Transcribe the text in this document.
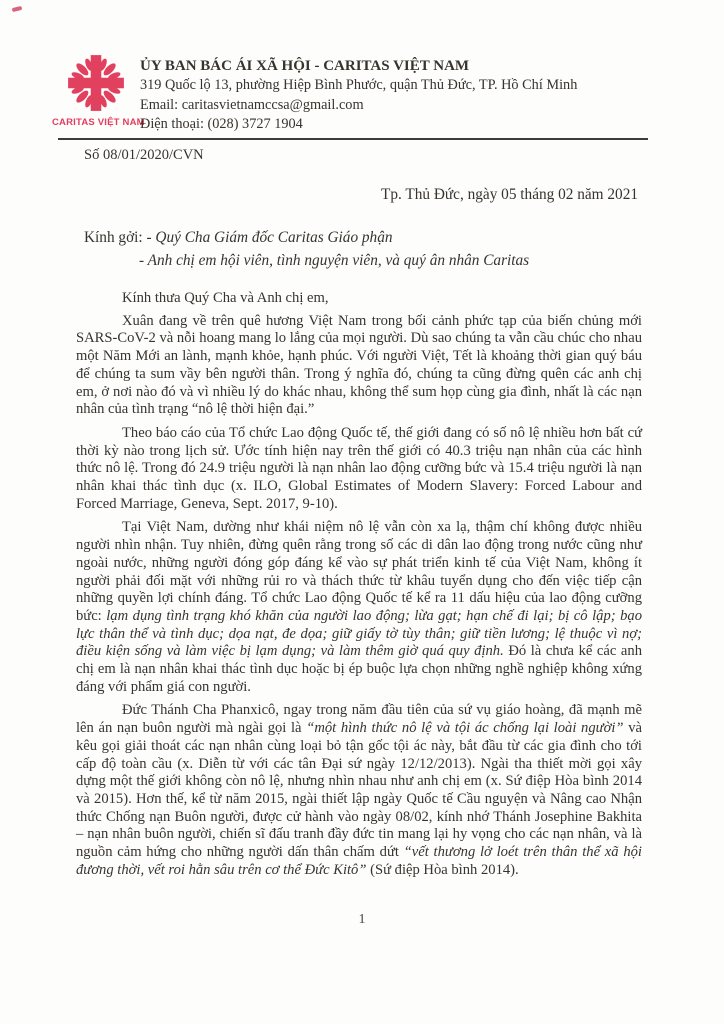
CARITAS VIỆT NAM
ỦY BAN BÁC ÁI XÃ HỘI - CARITAS VIỆT NAM
319 Quốc lộ 13, phường Hiệp Bình Phước, quận Thủ Đức, TP. Hồ Chí Minh
Email: caritasvietnamccsa@gmail.com
Điện thoại: (028) 3727 1904
Số 08/01/2020/CVN
Tp. Thủ Đức, ngày 05 tháng 02 năm 2021
Kính gởi: - Quý Cha Giám đốc Caritas Giáo phận
- Anh chị em hội viên, tình nguyện viên, và quý ân nhân Caritas

Kính thưa Quý Cha và Anh chị em,

Xuân đang về trên quê hương Việt Nam trong bối cảnh phức tạp của biến chủng mới SARS-CoV-2 và nỗi hoang mang lo lắng của mọi người. Dù sao chúng ta vẫn cầu chúc cho nhau một Năm Mới an lành, mạnh khỏe, hạnh phúc. Với người Việt, Tết là khoảng thời gian quý báu để chúng ta sum vầy bên người thân. Trong ý nghĩa đó, chúng ta cũng đừng quên các anh chị em, ở nơi nào đó và vì nhiều lý do khác nhau, không thể sum họp cùng gia đình, nhất là các nạn nhân của tình trạng “nô lệ thời hiện đại.”

Theo báo cáo của Tổ chức Lao động Quốc tế, thế giới đang có số nô lệ nhiều hơn bất cứ thời kỳ nào trong lịch sử. Ước tính hiện nay trên thế giới có 40.3 triệu nạn nhân của các hình thức nô lệ. Trong đó 24.9 triệu người là nạn nhân lao động cưỡng bức và 15.4 triệu người là nạn nhân khai thác tình dục (x. ILO, Global Estimates of Modern Slavery: Forced Labour and Forced Marriage, Geneva, Sept. 2017, 9-10).

Tại Việt Nam, dường như khái niệm nô lệ vẫn còn xa lạ, thậm chí không được nhiều người nhìn nhận. Tuy nhiên, đừng quên rằng trong số các di dân lao động trong nước cũng như ngoài nước, những người đóng góp đáng kể vào sự phát triển kinh tế của Việt Nam, không ít người phải đối mặt với những rủi ro và thách thức từ khâu tuyển dụng cho đến việc tiếp cận những quyền lợi chính đáng. Tổ chức Lao động Quốc tế kể ra 11 dấu hiệu của lao động cưỡng bức: lạm dụng tình trạng khó khăn của người lao động; lừa gạt; hạn chế đi lại; bị cô lập; bạo lực thân thể và tình dục; dọa nạt, đe dọa; giữ giấy tờ tùy thân; giữ tiền lương; lệ thuộc vì nợ; điều kiện sống và làm việc bị lạm dụng; và làm thêm giờ quá quy định. Đó là chưa kể các anh chị em là nạn nhân khai thác tình dục hoặc bị ép buộc lựa chọn những nghề nghiệp không xứng đáng với phẩm giá con người.

Đức Thánh Cha Phanxicô, ngay trong năm đầu tiên của sứ vụ giáo hoàng, đã mạnh mẽ lên án nạn buôn người mà ngài gọi là “một hình thức nô lệ và tội ác chống lại loài người” và kêu gọi giải thoát các nạn nhân cùng loại bỏ tận gốc tội ác này, bắt đầu từ các gia đình cho tới cấp độ toàn cầu (x. Diễn từ với các tân Đại sứ ngày 12/12/2013). Ngài tha thiết mời gọi xây dựng một thế giới không còn nô lệ, nhưng nhìn nhau như anh chị em (x. Sứ điệp Hòa bình 2014 và 2015). Hơn thế, kể từ năm 2015, ngài thiết lập ngày Quốc tế Cầu nguyện và Nâng cao Nhận thức Chống nạn Buôn người, được cử hành vào ngày 08/02, kính nhớ Thánh Josephine Bakhita – nạn nhân buôn người, chiến sĩ đấu tranh đầy đức tin mang lại hy vọng cho các nạn nhân, và là nguồn cảm hứng cho những người dấn thân chấm dứt “vết thương lở loét trên thân thể xã hội đương thời, vết roi hằn sâu trên cơ thể Đức Kitô” (Sứ điệp Hòa bình 2014).

1
